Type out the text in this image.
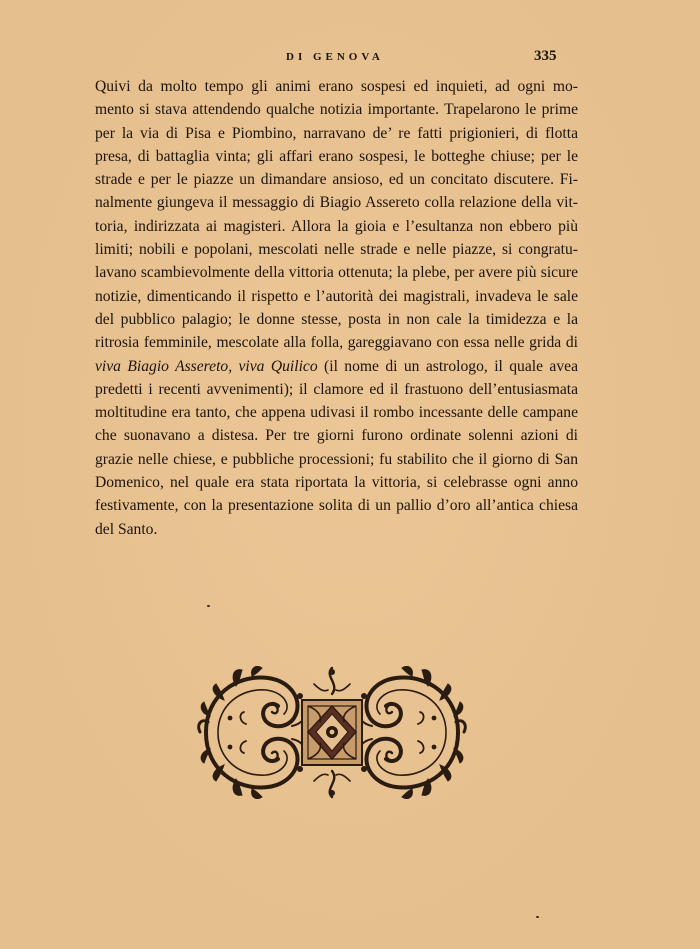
DI GENOVA	335
Quivi da molto tempo gli animi erano sospesi ed inquieti, ad ogni mo-
mento si stava attendendo qualche notizia importante. Trapelarono le prime
per la via di Pisa e Piombino, narravano de’ re fatti prigionieri, di flotta
presa, di battaglia vinta; gli affari erano sospesi, le botteghe chiuse; per le
strade e per le piazze un dimandare ansioso, ed un concitato discutere. Fi-
nalmente giungeva il messaggio di Biagio Assereto colla relazione della vit-
toria, indirizzata ai magisteri. Allora la gioia e l’esultanza non ebbero più
limiti; nobili e popolani, mescolati nelle strade e nelle piazze, si congratu-
lavano scambievolmente della vittoria ottenuta; la plebe, per avere più sicure
notizie, dimenticando il rispetto e l’autorità dei magistrali, invadeva le sale
del pubblico palagio; le donne stesse, posta in non cale la timidezza e la
ritrosia femminile, mescolate alla folla, gareggiavano con essa nelle grida di
viva Biagio Assereto, viva Quilico (il nome di un astrologo, il quale avea
predetti i recenti avvenimenti); il clamore ed il frastuono dell’entusiasmata
moltitudine era tanto, che appena udivasi il rombo incessante delle campane
che suonavano a distesa. Per tre giorni furono ordinate solenni azioni di
grazie nelle chiese, e pubbliche processioni; fu stabilito che il giorno di San
Domenico, nel quale era stata riportata la vittoria, si celebrasse ogni anno
festivamente, con la presentazione solita di un pallio d’oro all’antica chiesa
del Santo.
